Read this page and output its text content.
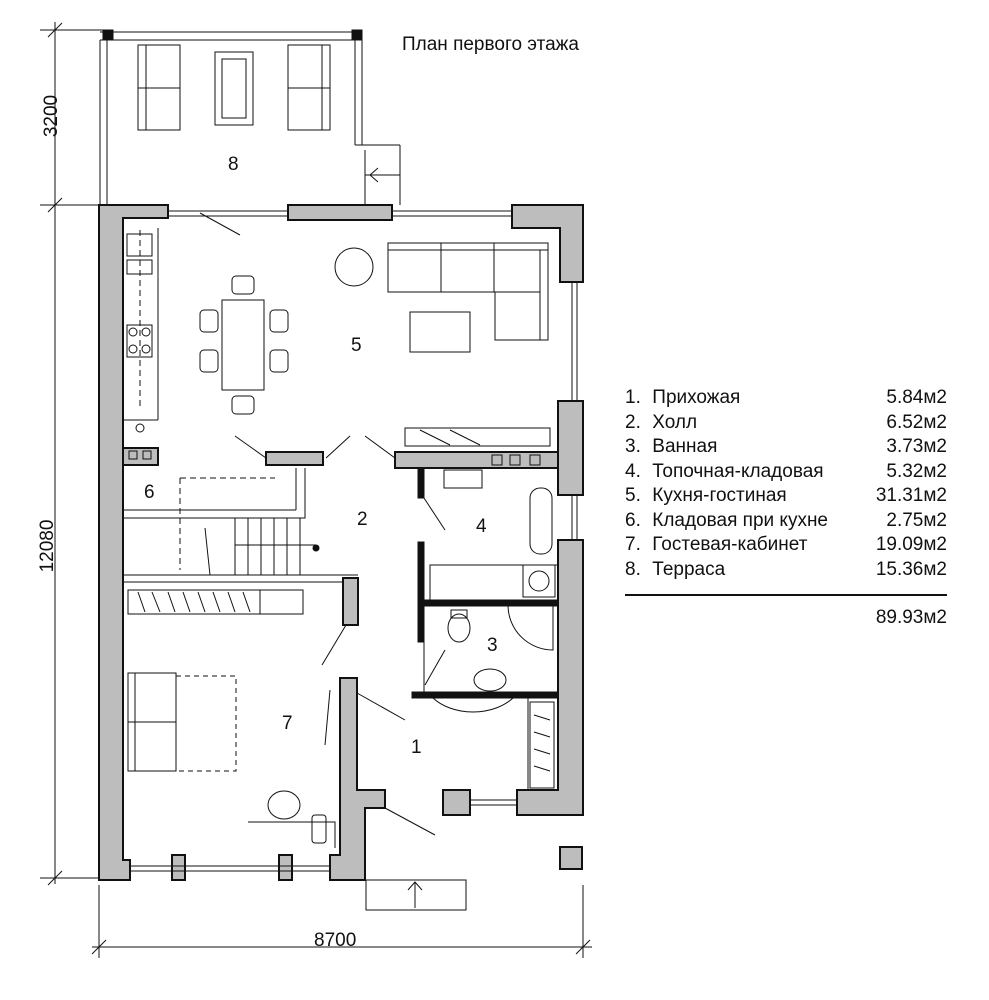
План первого этажа
3200
12080
8700
8
5
6
2	4
3
7
1
1. Прихожая	5.84м2
2. Холл	6.52м2
3. Ванная	3.73м2
4. Топочная-кладовая	5.32м2
5. Кухня-гостиная	31.31м2
6. Кладовая при кухне	2.75м2
7. Гостевая-кабинет	19.09м2
8. Терраса	15.36м2
89.93м2
